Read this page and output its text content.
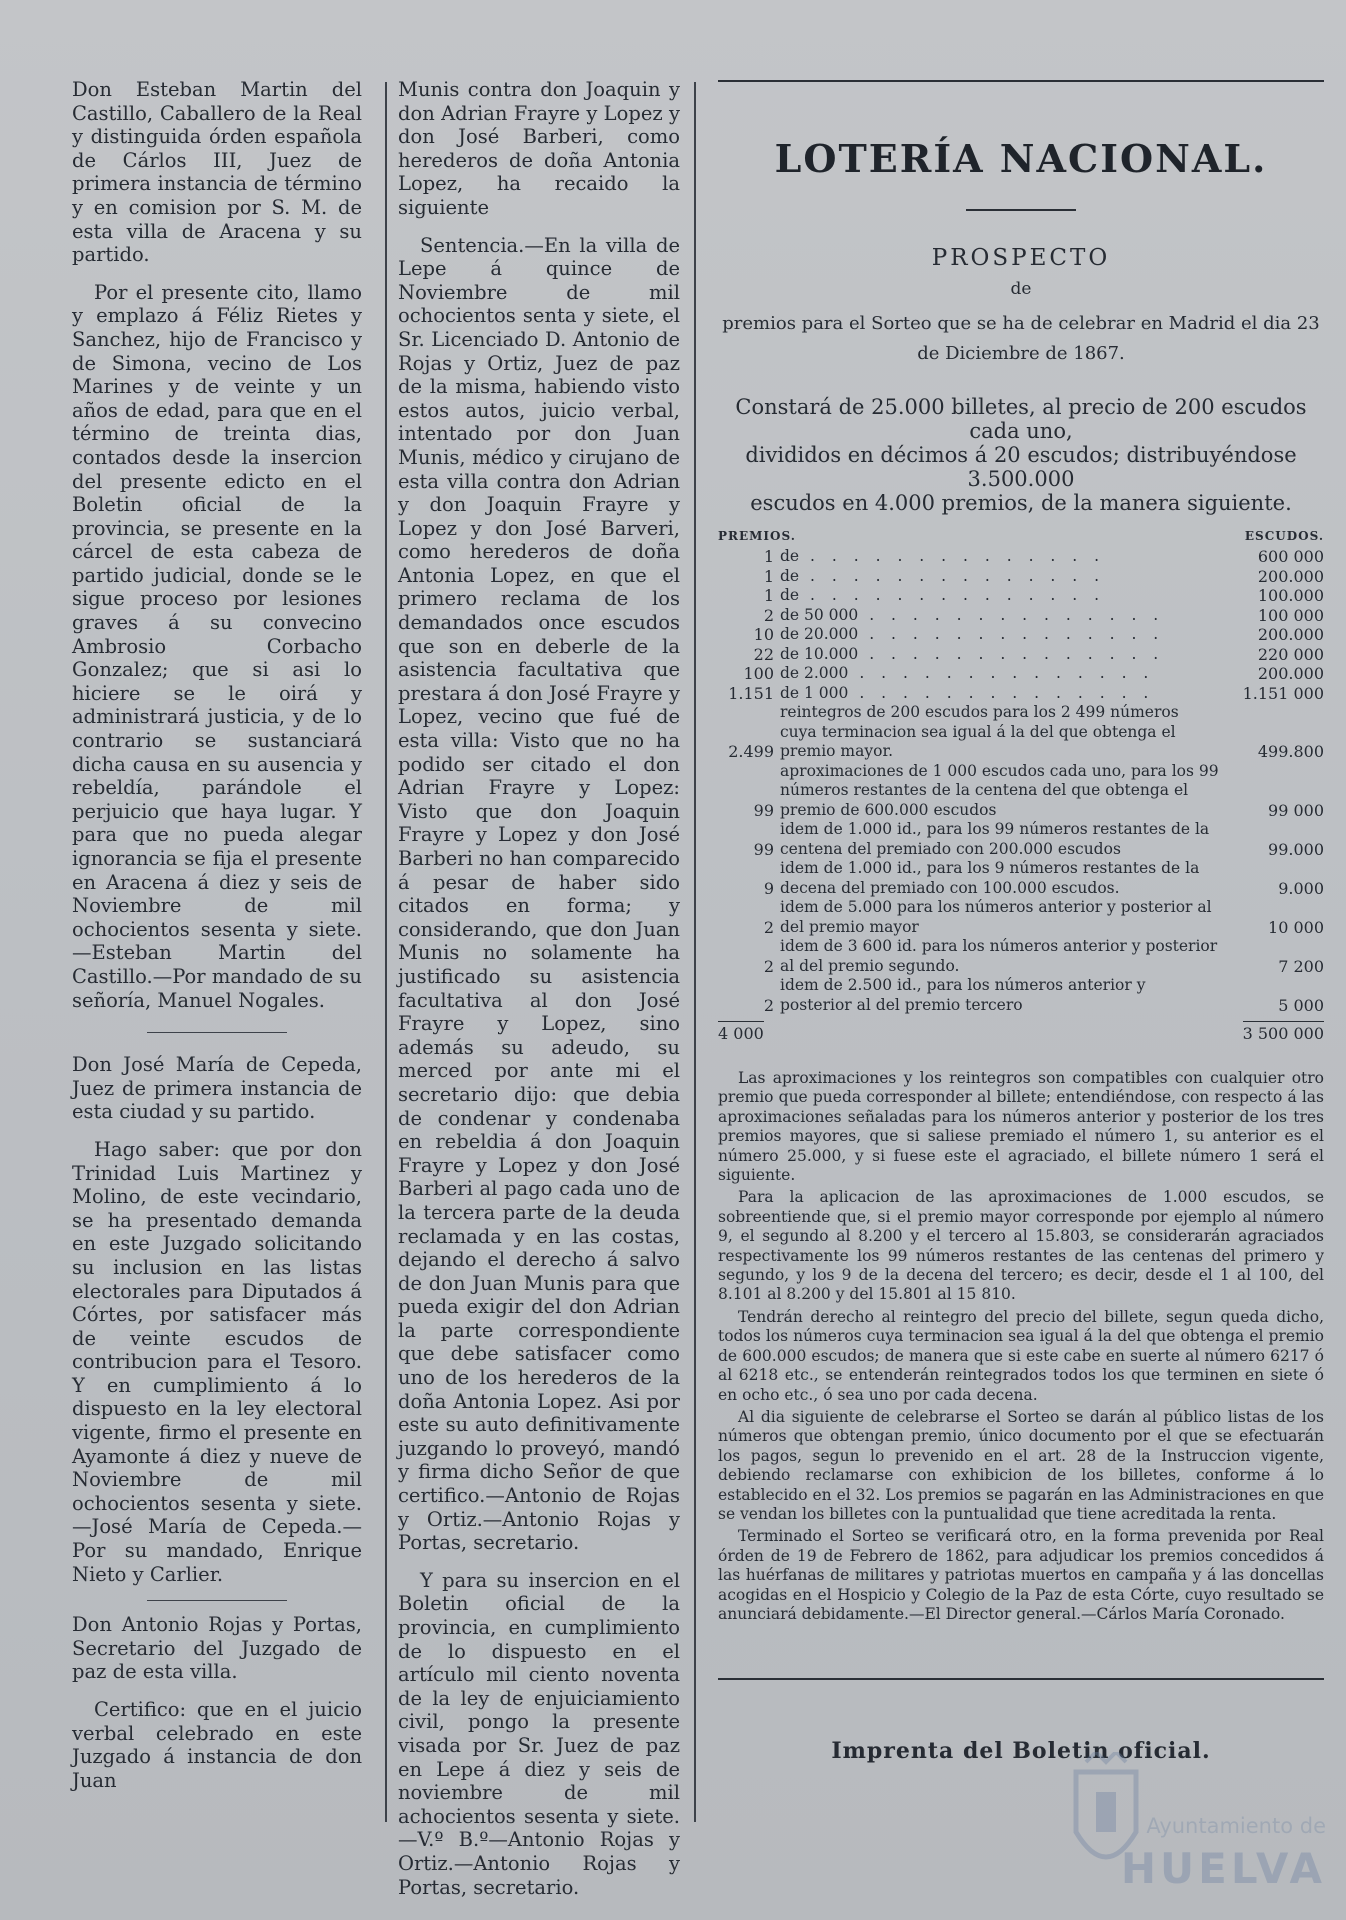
Don Esteban Martin del Castillo, Caballero de la Real y distinguida órden española de Cárlos III, Juez de primera instancia de término y en comision por S. M. de esta villa de Aracena y su partido.

Por el presente cito, llamo y emplazo á Féliz Rietes y Sanchez, hijo de Francisco y de Simona, vecino de Los Marines y de veinte y un años de edad, para que en el término de treinta dias, contados desde la insercion del presente edicto en el Boletin oficial de la provincia, se presente en la cárcel de esta cabeza de partido judicial, donde se le sigue proceso por lesiones graves á su convecino Ambrosio Corbacho Gonzalez; que si asi lo hiciere se le oirá y administrará justicia, y de lo contrario se sustanciará dicha causa en su ausencia y rebeldía, parándole el perjuicio que haya lugar. Y para que no pueda alegar ignorancia se fija el presente en Aracena á diez y seis de Noviembre de mil ochocientos sesenta y siete.—Esteban Martin del Castillo.—Por mandado de su señoría, Manuel Nogales.

Don José María de Cepeda, Juez de primera instancia de esta ciudad y su partido.

Hago saber: que por don Trinidad Luis Martinez y Molino, de este vecindario, se ha presentado demanda en este Juzgado solicitando su inclusion en las listas electorales para Diputados á Córtes, por satisfacer más de veinte escudos de contribucion para el Tesoro. Y en cumplimiento á lo dispuesto en la ley electoral vigente, firmo el presente en Ayamonte á diez y nueve de Noviembre de mil ochocientos sesenta y siete.—José María de Cepeda.—Por su mandado, Enrique Nieto y Carlier.

Don Antonio Rojas y Portas, Secretario del Juzgado de paz de esta villa.

Certifico: que en el juicio verbal celebrado en este Juzgado á instancia de don Juan

Munis contra don Joaquin y don Adrian Frayre y Lopez y don José Barberi, como herederos de doña Antonia Lopez, ha recaido la siguiente

Sentencia.—En la villa de Lepe á quince de Noviembre de mil ochocientos senta y siete, el Sr. Licenciado D. Antonio de Rojas y Ortiz, Juez de paz de la misma, habiendo visto estos autos, juicio verbal, intentado por don Juan Munis, médico y cirujano de esta villa contra don Adrian y don Joaquin Frayre y Lopez y don José Barveri, como herederos de doña Antonia Lopez, en que el primero reclama de los demandados once escudos que son en deberle de la asistencia facultativa que prestara á don José Frayre y Lopez, vecino que fué de esta villa: Visto que no ha podido ser citado el don Adrian Frayre y Lopez: Visto que don Joaquin Frayre y Lopez y don José Barberi no han comparecido á pesar de haber sido citados en forma; y considerando, que don Juan Munis no solamente ha justificado su asistencia facultativa al don José Frayre y Lopez, sino además su adeudo, su merced por ante mi el secretario dijo: que debia de condenar y condenaba en rebeldia á don Joaquin Frayre y Lopez y don José Barberi al pago cada uno de la tercera parte de la deuda reclamada y en las costas, dejando el derecho á salvo de don Juan Munis para que pueda exigir del don Adrian la parte correspondiente que debe satisfacer como uno de los herederos de la doña Antonia Lopez. Asi por este su auto definitivamente juzgando lo proveyó, mandó y firma dicho Señor de que certifico.—Antonio de Rojas y Ortiz.—Antonio Rojas y Portas, secretario.

Y para su insercion en el Boletin oficial de la provincia, en cumplimiento de lo dispuesto en el artículo mil ciento noventa de la ley de enjuiciamiento civil, pongo la presente visada por Sr. Juez de paz en Lepe á diez y seis de noviembre de mil achocientos sesenta y siete.—V.º B.º—Antonio Rojas y Ortiz.—Antonio Rojas y Portas, secretario.

LOTERÍA NACIONAL.
PROSPECTO
de
premios para el Sorteo que se ha de celebrar en Madrid el dia 23 de Diciembre de 1867.
Constará de 25.000 billetes, al precio de 200 escudos cada uno,
divididos en décimos á 20 escudos; distribuyéndose 3.500.000
escudos en 4.000 premios, de la manera siguiente.
PREMIOS.	ESCUDOS.
1	de . . . . . . . . . . . . . .	600 000
1	de . . . . . . . . . . . . . .	200.000
1	de . . . . . . . . . . . . . .	100.000
2	de 50 000 . . . . . . . . . . . . . .	100 000
10	de 20.000 . . . . . . . . . . . . . .	200.000
22	de 10.000 . . . . . . . . . . . . . .	220 000
100	de 2.000 . . . . . . . . . . . . . .	200.000
1.151	de 1 000 . . . . . . . . . . . . . .	1.151 000
2.499	reintegros de 200 escudos para los 2 499 números cuya terminacion sea igual á la del que obtenga el premio mayor.	499.800
99	aproximaciones de 1 000 escudos cada uno, para los 99 números restantes de la centena del que obtenga el premio de 600.000 escudos	99 000
99	idem de 1.000 id., para los 99 números restantes de la centena del premiado con 200.000 escudos	99.000
9	idem de 1.000 id., para los 9 números restantes de la decena del premiado con 100.000 escudos.	9.000
2	idem de 5.000 para los números anterior y posterior al del premio mayor	10 000
2	idem de 3 600 id. para los números anterior y posterior al del premio segundo.	7 200
2	idem de 2.500 id., para los números anterior y posterior al del premio tercero	5 000
4 000	3 500 000

Las aproximaciones y los reintegros son compatibles con cualquier otro premio que pueda corresponder al billete; entendiéndose, con respecto á las aproximaciones señaladas para los números anterior y posterior de los tres premios mayores, que si saliese premiado el número 1, su anterior es el número 25.000, y si fuese este el agraciado, el billete número 1 será el siguiente.

Para la aplicacion de las aproximaciones de 1.000 escudos, se sobreentiende que, si el premio mayor corresponde por ejemplo al número 9, el segundo al 8.200 y el tercero al 15.803, se considerarán agraciados respectivamente los 99 números restantes de las centenas del primero y segundo, y los 9 de la decena del tercero; es decir, desde el 1 al 100, del 8.101 al 8.200 y del 15.801 al 15 810.

Tendrán derecho al reintegro del precio del billete, segun queda dicho, todos los números cuya terminacion sea igual á la del que obtenga el premio de 600.000 escudos; de manera que si este cabe en suerte al número 6217 ó al 6218 etc., se entenderán reintegrados todos los que terminen en siete ó en ocho etc., ó sea uno por cada decena.

Al dia siguiente de celebrarse el Sorteo se darán al público listas de los números que obtengan premio, único documento por el que se efectuarán los pagos, segun lo prevenido en el art. 28 de la Instruccion vigente, debiendo reclamarse con exhibicion de los billetes, conforme á lo establecido en el 32. Los premios se pagarán en las Administraciones en que se vendan los billetes con la puntualidad que tiene acreditada la renta.

Terminado el Sorteo se verificará otro, en la forma prevenida por Real órden de 19 de Febrero de 1862, para adjudicar los premios concedidos á las huérfanas de militares y patriotas muertos en campaña y á las doncellas acogidas en el Hospicio y Colegio de la Paz de esta Córte, cuyo resultado se anunciará debidamente.—El Director general.—Cárlos María Coronado.

Imprenta del Boletin oficial.
Ayuntamiento de
HUELVA
